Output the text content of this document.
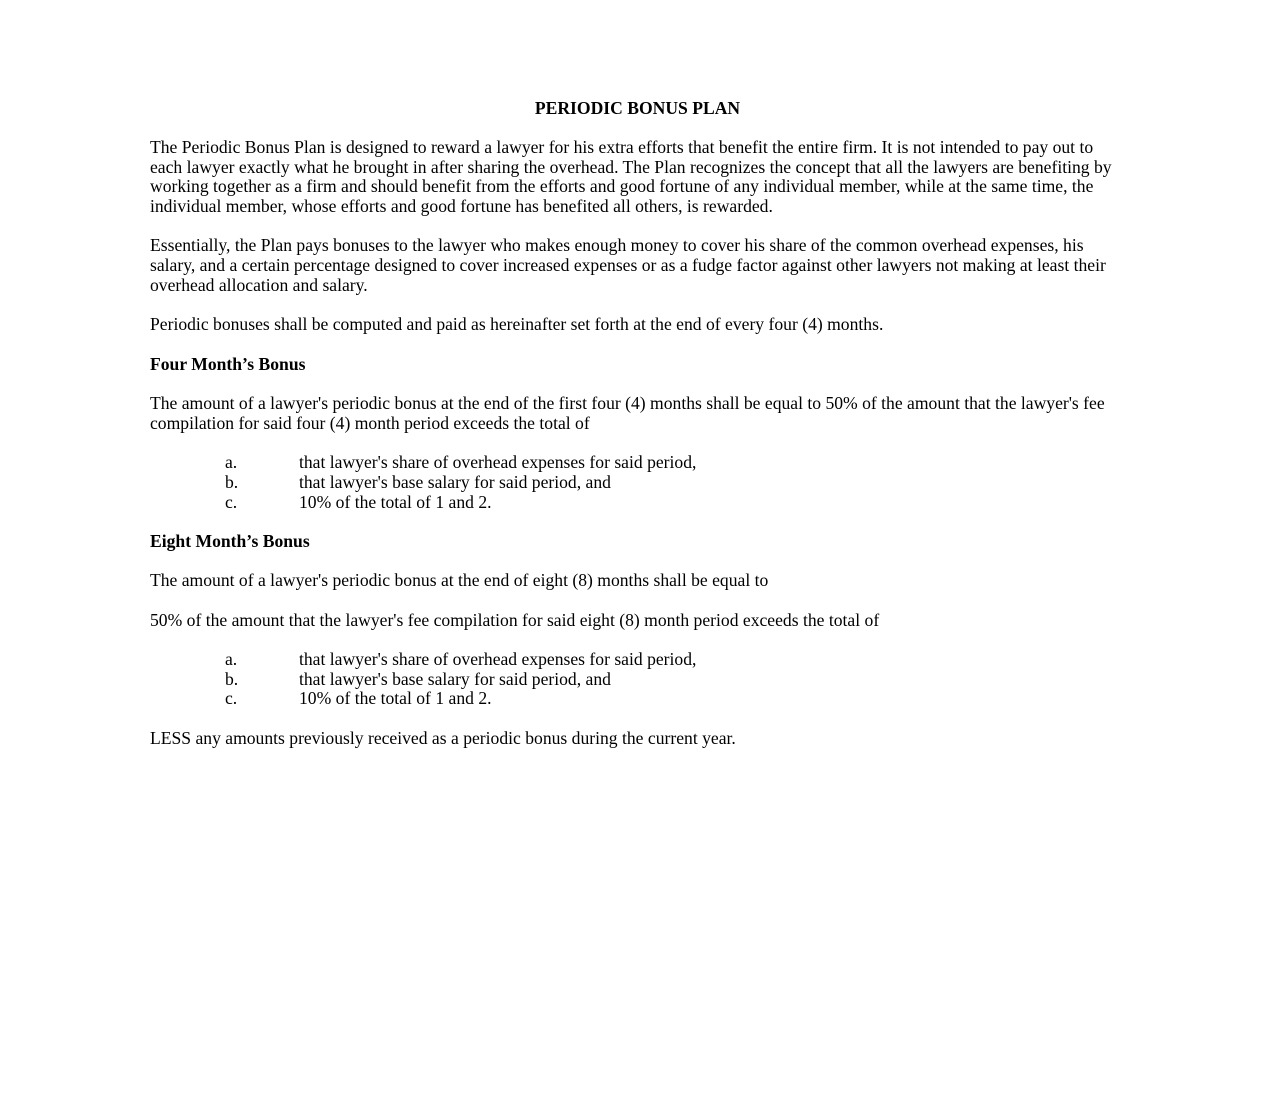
PERIODIC BONUS PLAN

The Periodic Bonus Plan is designed to reward a lawyer for his extra efforts that benefit the entire firm. It is not intended to pay out to each lawyer exactly what he brought in after sharing the overhead. The Plan recognizes the concept that all the lawyers are benefiting by working together as a firm and should benefit from the efforts and good fortune of any individual member, while at the same time, the individual member, whose efforts and good fortune has benefited all others, is rewarded.

Essentially, the Plan pays bonuses to the lawyer who makes enough money to cover his share of the common overhead expenses, his salary, and a certain percentage designed to cover increased expenses or as a fudge factor against other lawyers not making at least their overhead allocation and salary.

Periodic bonuses shall be computed and paid as hereinafter set forth at the end of every four (4) months.

Four Month’s Bonus

The amount of a lawyer's periodic bonus at the end of the first four (4) months shall be equal to 50% of the amount that the lawyer's fee compilation for said four (4) month period exceeds the total of

a.	that lawyer's share of overhead expenses for said period,
b.	that lawyer's base salary for said period, and
c.	10% of the total of 1 and 2.
Eight Month’s Bonus

The amount of a lawyer's periodic bonus at the end of eight (8) months shall be equal to

50% of the amount that the lawyer's fee compilation for said eight (8) month period exceeds the total of

a.	that lawyer's share of overhead expenses for said period,
b.	that lawyer's base salary for said period, and
c.	10% of the total of 1 and 2.

LESS any amounts previously received as a periodic bonus during the current year.
